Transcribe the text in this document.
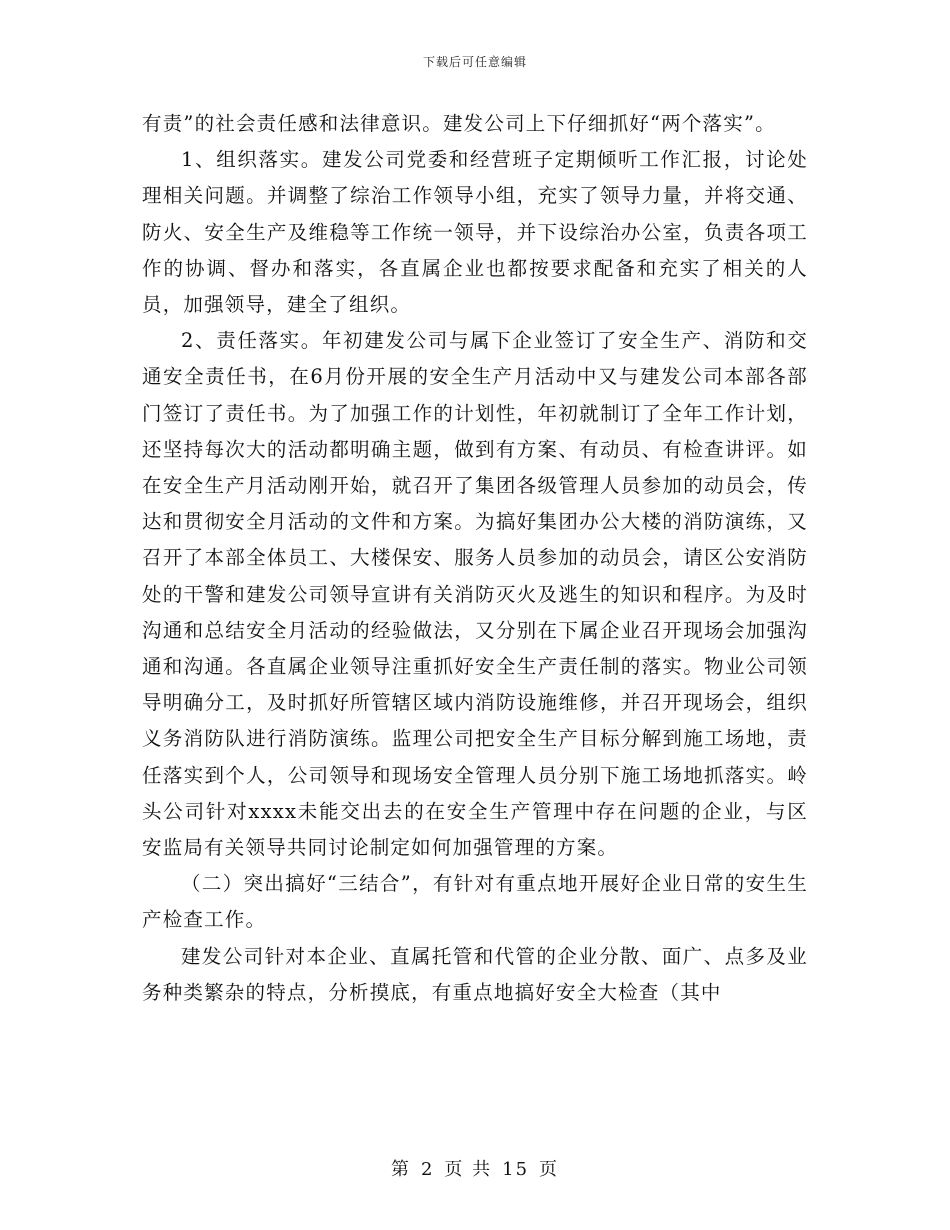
下载后可任意编辑

有责”的社会责任感和法律意识。建发公司上下仔细抓好“两个落实”。

1、组织落实。建发公司党委和经营班子定期倾听工作汇报，讨论处理相关问题。并调整了综治工作领导小组，充实了领导力量，并将交通、防火、安全生产及维稳等工作统一领导，并下设综治办公室，负责各项工作的协调、督办和落实，各直属企业也都按要求配备和充实了相关的人员，加强领导，建全了组织。

2、责任落实。年初建发公司与属下企业签订了安全生产、消防和交通安全责任书，在6月份开展的安全生产月活动中又与建发公司本部各部门签订了责任书。为了加强工作的计划性，年初就制订了全年工作计划，还坚持每次大的活动都明确主题，做到有方案、有动员、有检查讲评。如在安全生产月活动刚开始，就召开了集团各级管理人员参加的动员会，传达和贯彻安全月活动的文件和方案。为搞好集团办公大楼的消防演练，又召开了本部全体员工、大楼保安、服务人员参加的动员会，请区公安消防处的干警和建发公司领导宣讲有关消防灭火及逃生的知识和程序。为及时沟通和总结安全月活动的经验做法，又分别在下属企业召开现场会加强沟通和沟通。各直属企业领导注重抓好安全生产责任制的落实。物业公司领导明确分工，及时抓好所管辖区域内消防设施维修，并召开现场会，组织义务消防队进行消防演练。监理公司把安全生产目标分解到施工场地，责任落实到个人，公司领导和现场安全管理人员分别下施工场地抓落实。岭头公司针对xxxx未能交出去的在安全生产管理中存在问题的企业，与区安监局有关领导共同讨论制定如何加强管理的方案。

（二）突出搞好“三结合”，有针对有重点地开展好企业日常的安生生产检查工作。

建发公司针对本企业、直属托管和代管的企业分散、面广、点多及业务种类繁杂的特点，分析摸底，有重点地搞好安全大检查（其中

第 2 页 共 15 页
